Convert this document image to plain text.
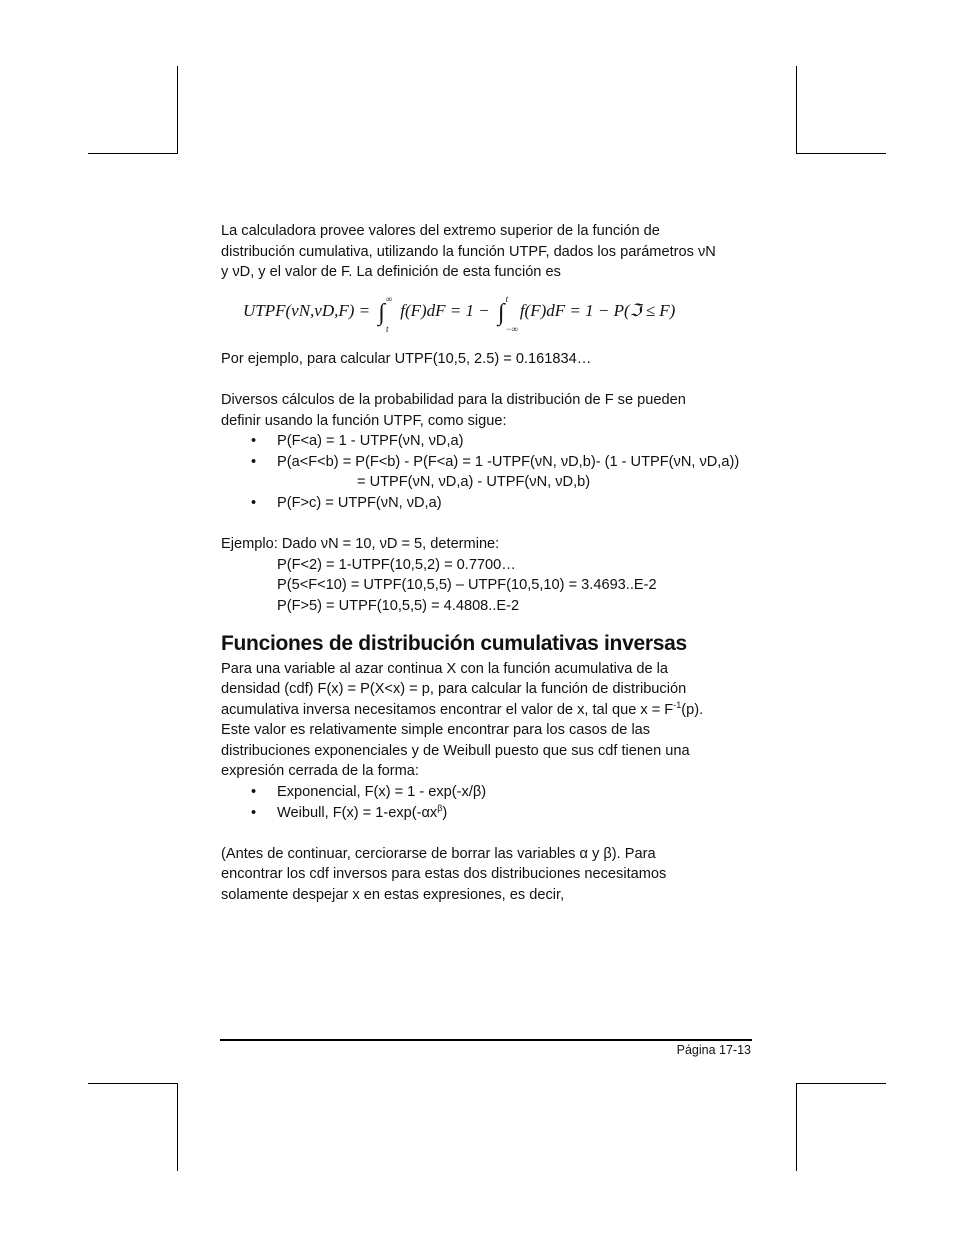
La calculadora provee valores del extremo superior de la función de

distribución cumulativa, utilizando la función UTPF, dados los parámetros νN

y νD, y el valor de F. La definición de esta función es

UTPF(νN,νD,F) = ∫
∞
t
f(F)dF = 1 − ∫
t
−∞
f(F)dF = 1 − P(ℑ ≤ F)

Por ejemplo, para calcular UTPF(10,5, 2.5) = 0.161834…

Diversos cálculos de la probabilidad para la distribución de F se pueden

definir usando la función UTPF, como sigue:

• P(F<a) = 1 - UTPF(νN, νD,a)
• P(a<F<b) = P(F<b) - P(F<a) = 1 -UTPF(νN, νD,b)- (1 - UTPF(νN, νD,a))

= UTPF(νN, νD,a) - UTPF(νN, νD,b)

• P(F>c) = UTPF(νN, νD,a)

Ejemplo: Dado νN = 10, νD = 5, determine:

P(F<2) = 1-UTPF(10,5,2) = 0.7700…

P(5<F<10) = UTPF(10,5,5) – UTPF(10,5,10) = 3.4693..E-2

P(F>5) = UTPF(10,5,5) = 4.4808..E-2

Funciones de distribución cumulativas inversas

Para una variable al azar continua X con la función acumulativa de la

densidad (cdf) F(x) = P(X<x) = p, para calcular la función de distribución

acumulativa inversa necesitamos encontrar el valor de x, tal que $x = F^{-1}(p)$.

Este valor es relativamente simple encontrar para los casos de las

distribuciones exponenciales y de Weibull puesto que sus cdf tienen una

expresión cerrada de la forma:

• Exponencial, F(x) = 1 - exp(-x/β)
• Weibull, $F(x) = 1-\exp(-\alpha x^\beta)$

(Antes de continuar, cerciorarse de borrar las variables α y β). Para

encontrar los cdf inversos para estas dos distribuciones necesitamos

solamente despejar x en estas expresiones, es decir,

Página 17-13
